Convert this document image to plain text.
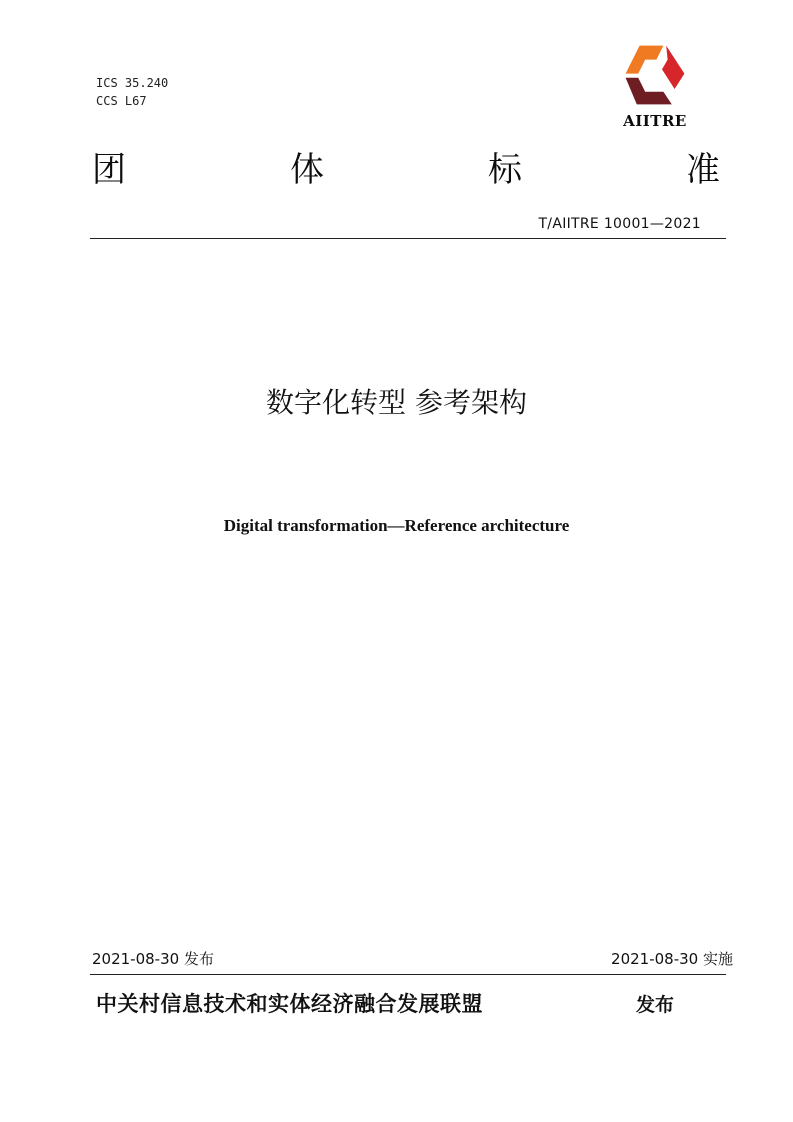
ICS 35.240
CCS L67
AIITRE
团	体	标	准
T/AIITRE 10001—2021
数字化转型 参考架构
Digital transformation—Reference architecture
2021-08-30 发布	2021-08-30 实施
中关村信息技术和实体经济融合发展联盟	发布
